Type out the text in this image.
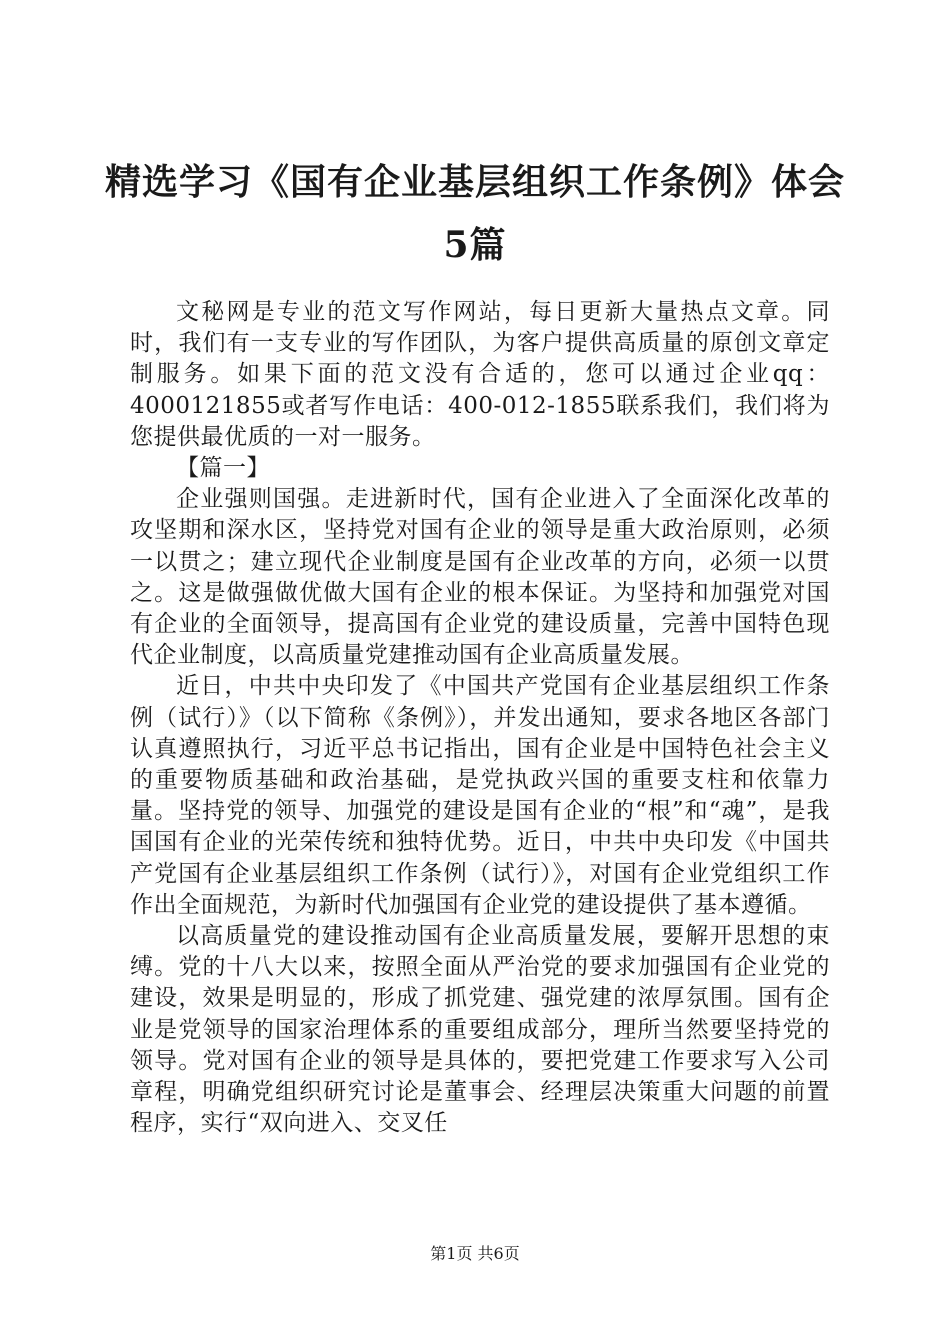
精选学习《国有企业基层组织工作条例》体会
5篇

文秘网是专业的范文写作网站，每日更新大量热点文章。同时，我们有一支专业的写作团队，为客户提供高质量的原创文章定制服务。如果下面的范文没有合适的，您可以通过企业qq：4000121855或者写作电话：400-012-1855联系我们，我们将为您提供最优质的一对一服务。

【篇一】

企业强则国强。走进新时代，国有企业进入了全面深化改革的攻坚期和深水区，坚持党对国有企业的领导是重大政治原则，必须一以贯之；建立现代企业制度是国有企业改革的方向，必须一以贯之。这是做强做优做大国有企业的根本保证。为坚持和加强党对国有企业的全面领导，提高国有企业党的建设质量，完善中国特色现代企业制度，以高质量党建推动国有企业高质量发展。

近日，中共中央印发了《中国共产党国有企业基层组织工作条例（试行）》（以下简称《条例》），并发出通知，要求各地区各部门认真遵照执行，习近平总书记指出，国有企业是中国特色社会主义的重要物质基础和政治基础，是党执政兴国的重要支柱和依靠力量。坚持党的领导、加强党的建设是国有企业的“根”和“魂”，是我国国有企业的光荣传统和独特优势。近日，中共中央印发《中国共产党国有企业基层组织工作条例（试行）》，对国有企业党组织工作作出全面规范，为新时代加强国有企业党的建设提供了基本遵循。

以高质量党的建设推动国有企业高质量发展，要解开思想的束缚。党的十八大以来，按照全面从严治党的要求加强国有企业党的建设，效果是明显的，形成了抓党建、强党建的浓厚氛围。国有企业是党领导的国家治理体系的重要组成部分，理所当然要坚持党的领导。党对国有企业的领导是具体的，要把党建工作要求写入公司章程，明确党组织研究讨论是董事会、经理层决策重大问题的前置程序，实行“双向进入、交叉任

第1页 共6页
